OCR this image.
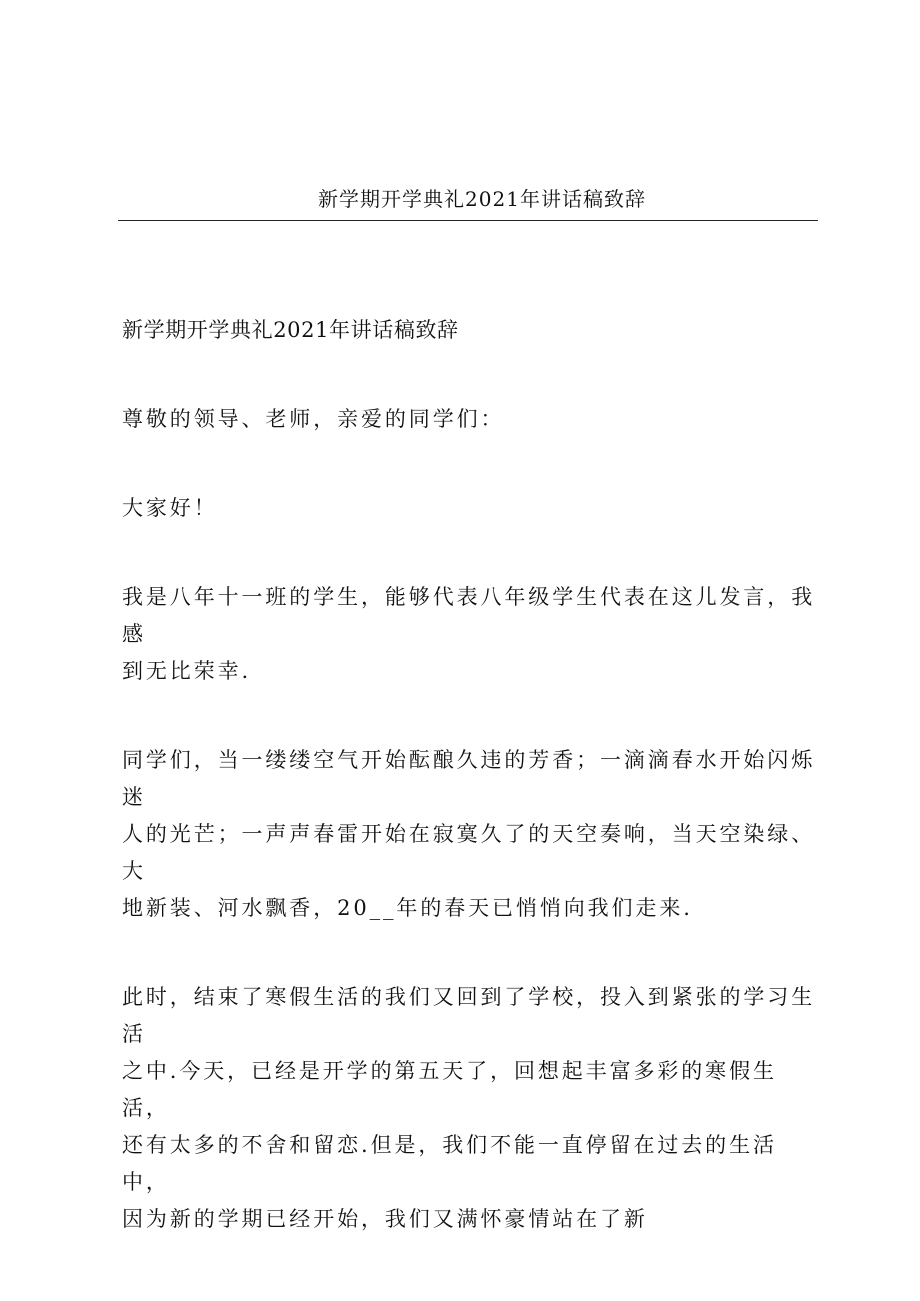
新学期开学典礼2021年讲话稿致辞

新学期开学典礼2021年讲话稿致辞

尊敬的领导、老师，亲爱的同学们：

大家好！

我是八年十一班的学生，能够代表八年级学生代表在这儿发言，我感
到无比荣幸.

同学们，当一缕缕空气开始酝酿久违的芳香；一滴滴春水开始闪烁迷
人的光芒；一声声春雷开始在寂寞久了的天空奏响，当天空染绿、大
地新装、河水飘香，20__年的春天已悄悄向我们走来.

此时，结束了寒假生活的我们又回到了学校，投入到紧张的学习生活
之中.今天，已经是开学的第五天了，回想起丰富多彩的寒假生活，
还有太多的不舍和留恋.但是，我们不能一直停留在过去的生活中，
因为新的学期已经开始，我们又满怀豪情站在了新
